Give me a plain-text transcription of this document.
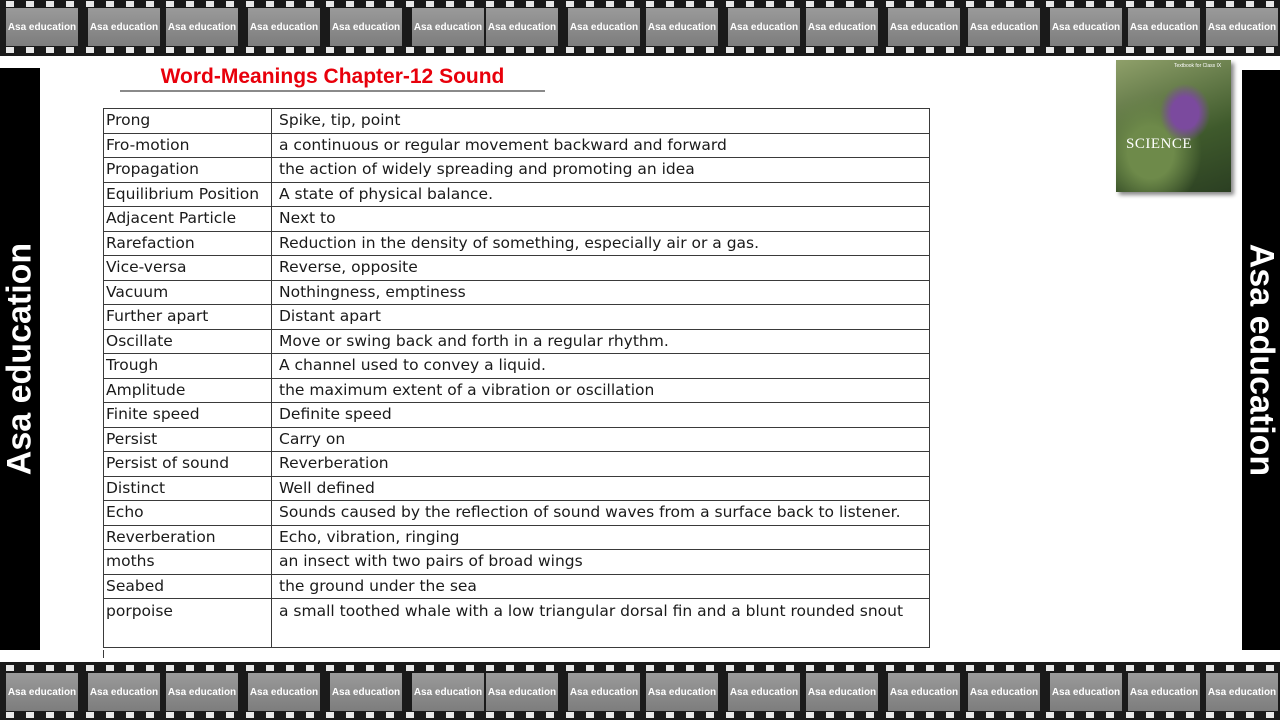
Asa education Asa education Asa education Asa education Asa education Asa education Asa education Asa education Asa education Asa education Asa education Asa education Asa education Asa education Asa education Asa education
Asa education	Asa education
Word-Meanings Chapter-12 Sound	Textbook for Class IX
SCIENCE
Prong	Spike, tip, point
Fro-motion	a continuous or regular movement backward and forward
Propagation	the action of widely spreading and promoting an idea
Equilibrium Position	A state of physical balance.
Adjacent Particle	Next to
Rarefaction	Reduction in the density of something, especially air or a gas.
Vice-versa	Reverse, opposite
Vacuum	Nothingness, emptiness
Further apart	Distant apart
Oscillate	Move or swing back and forth in a regular rhythm.
Trough	A channel used to convey a liquid.
Amplitude	the maximum extent of a vibration or oscillation
Finite speed	Definite speed
Persist	Carry on
Persist of sound	Reverberation
Distinct	Well defined
Echo	Sounds caused by the reflection of sound waves from a surface back to listener.
Reverberation	Echo, vibration, ringing
moths	an insect with two pairs of broad wings
Seabed	the ground under the sea
porpoise	a small toothed whale with a low triangular dorsal fin and a blunt rounded snout
Asa education Asa education Asa education Asa education Asa education Asa education Asa education Asa education Asa education Asa education Asa education Asa education Asa education Asa education Asa education Asa education
